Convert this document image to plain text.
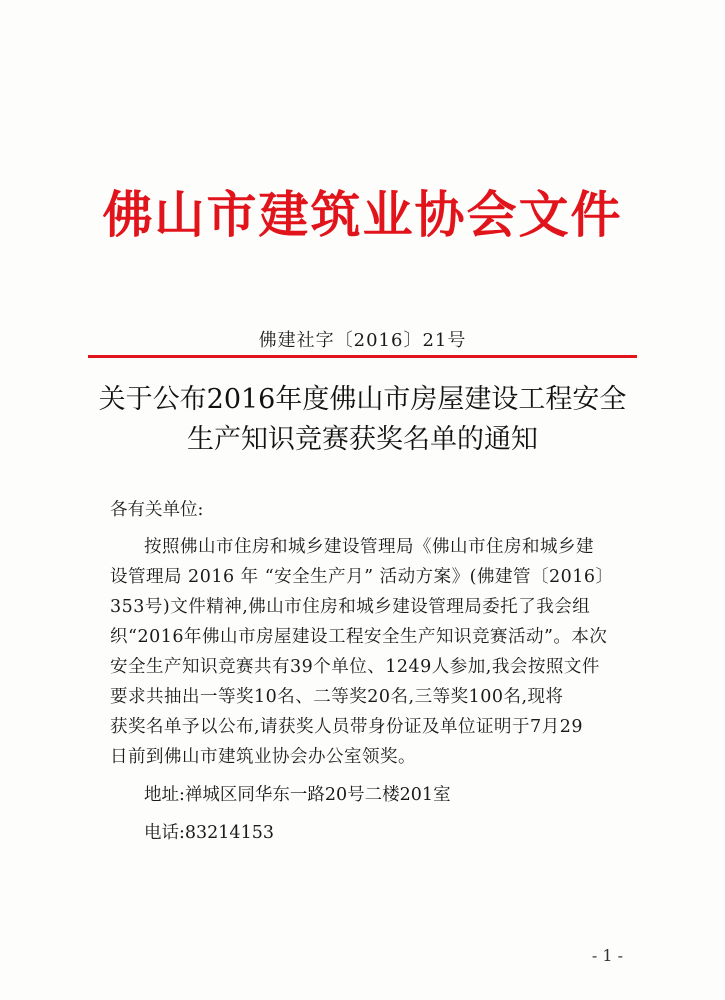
佛山市建筑业协会文件
佛建社字〔2016〕21号
关于公布2016年度佛山市房屋建设工程安全
生产知识竞赛获奖名单的通知
各有关单位:
按照佛山市住房和城乡建设管理局《佛山市住房和城乡建
设管理局 2016 年 “安全生产月” 活动方案》(佛建管〔2016〕
353号)文件精神,佛山市住房和城乡建设管理局委托了我会组
织“2016年佛山市房屋建设工程安全生产知识竞赛活动”。本次
安全生产知识竞赛共有39个单位、1249人参加,我会按照文件
要求共抽出一等奖10名、二等奖20名,三等奖100名,现将
获奖名单予以公布,请获奖人员带身份证及单位证明于7月29
日前到佛山市建筑业协会办公室领奖。
地址:禅城区同华东一路20号二楼201室
电话:83214153
- 1 -
